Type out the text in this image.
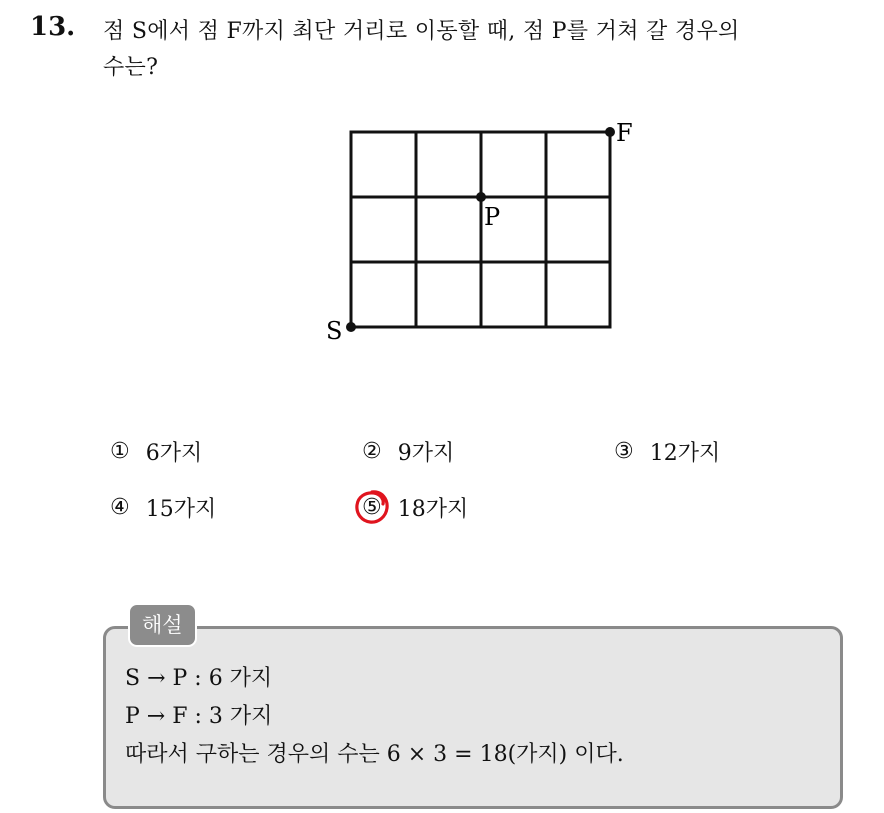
13. 점 S에서 점 F까지 최단 거리로 이동할 때, 점 P를 거쳐 갈 경우의
수는?
S
P
F
① 6가지	② 9가지	③ 12가지
④ 15가지	⑤ 18가지
해설
S → P : 6 가지
P → F : 3 가지
따라서 구하는 경우의 수는 6 × 3 = 18(가지) 이다.
